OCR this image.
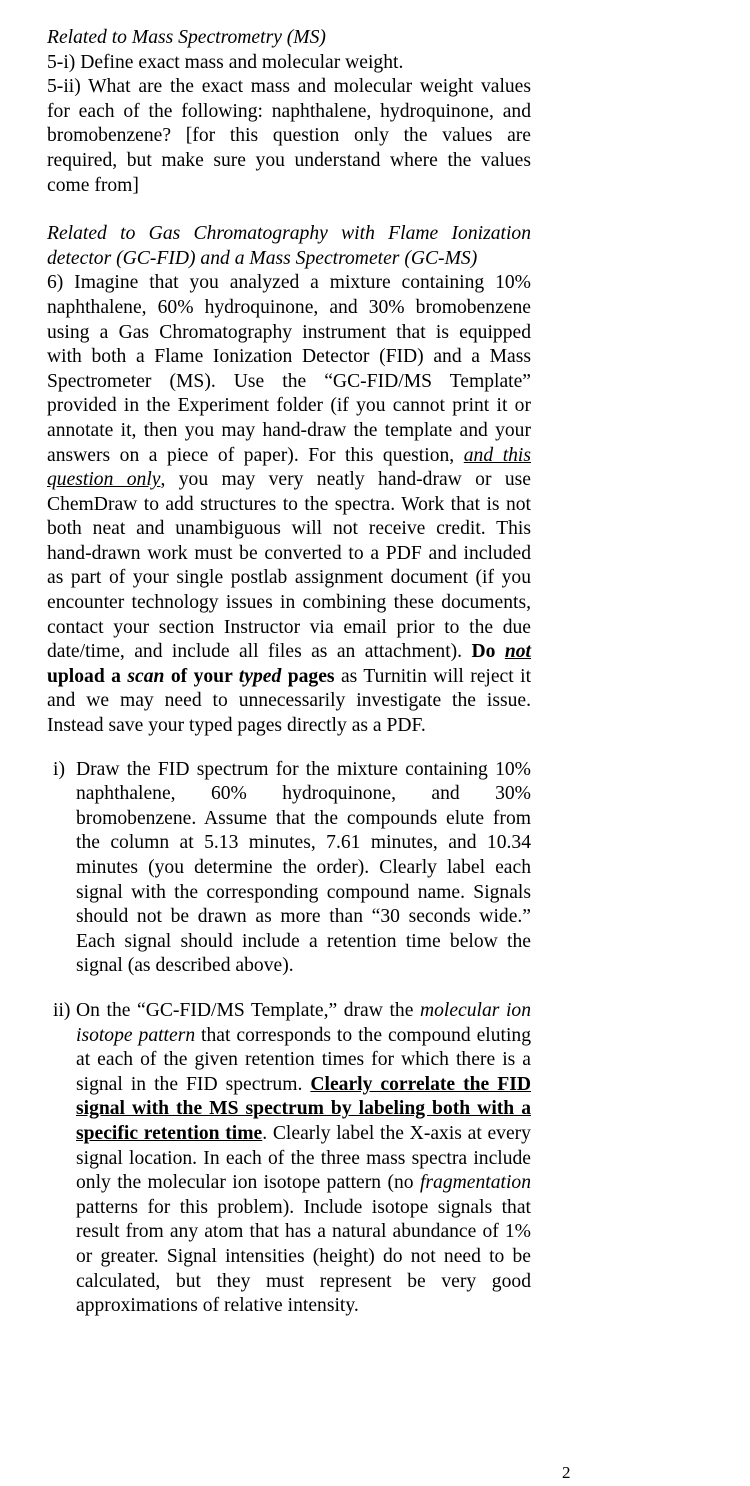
Related to Mass Spectrometry (MS)

5-i) Define exact mass and molecular weight.

5-ii) What are the exact mass and molecular weight values for each of the following: naphthalene, hydroquinone, and bromobenzene? [for this question only the values are required, but make sure you understand where the values come from]

Related to Gas Chromatography with Flame Ionization detector (GC-FID) and a Mass Spectrometer (GC-MS)

6) Imagine that you analyzed a mixture containing 10% naphthalene, 60% hydroquinone, and 30% bromobenzene using a Gas Chromatography instrument that is equipped with both a Flame Ionization Detector (FID) and a Mass Spectrometer (MS). Use the “GC-FID/MS Template” provided in the Experiment folder (if you cannot print it or annotate it, then you may hand-draw the template and your answers on a piece of paper). For this question, and this question only, you may very neatly hand-draw or use ChemDraw to add structures to the spectra. Work that is not both neat and unambiguous will not receive credit. This hand-drawn work must be converted to a PDF and included as part of your single postlab assignment document (if you encounter technology issues in combining these documents, contact your section Instructor via email prior to the due date/time, and include all files as an attachment). Do not upload a scan of your typed pages as Turnitin will reject it and we may need to unnecessarily investigate the issue. Instead save your typed pages directly as a PDF.

i) Draw the FID spectrum for the mixture containing 10% naphthalene, 60% hydroquinone, and 30% bromobenzene. Assume that the compounds elute from the column at 5.13 minutes, 7.61 minutes, and 10.34 minutes (you determine the order). Clearly label each signal with the corresponding compound name. Signals should not be drawn as more than “30 seconds wide.” Each signal should include a retention time below the signal (as described above).

ii) On the “GC-FID/MS Template,” draw the molecular ion isotope pattern that corresponds to the compound eluting at each of the given retention times for which there is a signal in the FID spectrum. Clearly correlate the FID signal with the MS spectrum by labeling both with a specific retention time. Clearly label the X-axis at every signal location. In each of the three mass spectra include only the molecular ion isotope pattern (no fragmentation patterns for this problem). Include isotope signals that result from any atom that has a natural abundance of 1% or greater. Signal intensities (height) do not need to be calculated, but they must represent be very good approximations of relative intensity.

2
